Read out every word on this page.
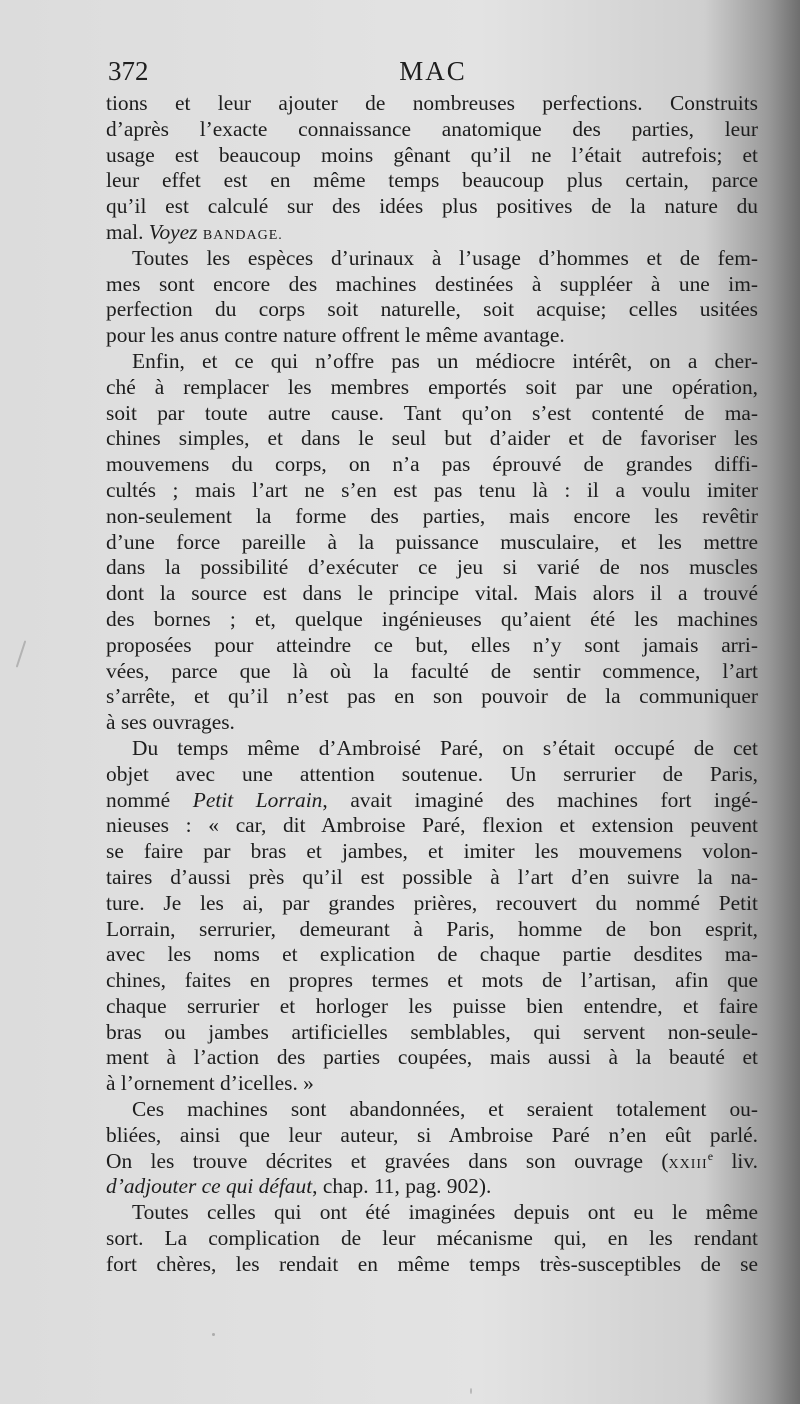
372	MAC
tions et leur ajouter de nombreuses perfections. Construits
d’après l’exacte connaissance anatomique des parties, leur
usage est beaucoup moins gênant qu’il ne l’était autrefois; et
leur effet est en même temps beaucoup plus certain, parce
qu’il est calculé sur des idées plus positives de la nature du
mal. Voyez BANDAGE.
Toutes les espèces d’urinaux à l’usage d’hommes et de fem-
mes sont encore des machines destinées à suppléer à une im-
perfection du corps soit naturelle, soit acquise; celles usitées
pour les anus contre nature offrent le même avantage.
Enfin, et ce qui n’offre pas un médiocre intérêt, on a cher-
ché à remplacer les membres emportés soit par une opération,
soit par toute autre cause. Tant qu’on s’est contenté de ma-
chines simples, et dans le seul but d’aider et de favoriser les
mouvemens du corps, on n’a pas éprouvé de grandes diffi-
cultés ; mais l’art ne s’en est pas tenu là : il a voulu imiter
non-seulement la forme des parties, mais encore les revêtir
d’une force pareille à la puissance musculaire, et les mettre
dans la possibilité d’exécuter ce jeu si varié de nos muscles
dont la source est dans le principe vital. Mais alors il a trouvé
des bornes ; et, quelque ingénieuses qu’aient été les machines
proposées pour atteindre ce but, elles n’y sont jamais arri-
vées, parce que là où la faculté de sentir commence, l’art
s’arrête, et qu’il n’est pas en son pouvoir de la communiquer
à ses ouvrages.
Du temps même d’Ambroisé Paré, on s’était occupé de cet
objet avec une attention soutenue. Un serrurier de Paris,
nommé Petit Lorrain, avait imaginé des machines fort ingé-
nieuses : « car, dit Ambroise Paré, flexion et extension peuvent
se faire par bras et jambes, et imiter les mouvemens volon-
taires d’aussi près qu’il est possible à l’art d’en suivre la na-
ture. Je les ai, par grandes prières, recouvert du nommé Petit
Lorrain, serrurier, demeurant à Paris, homme de bon esprit,
avec les noms et explication de chaque partie desdites ma-
chines, faites en propres termes et mots de l’artisan, afin que
chaque serrurier et horloger les puisse bien entendre, et faire
bras ou jambes artificielles semblables, qui servent non-seule-
ment à l’action des parties coupées, mais aussi à la beauté et
à l’ornement d’icelles. »
Ces machines sont abandonnées, et seraient totalement ou-
bliées, ainsi que leur auteur, si Ambroise Paré n’en eût parlé.
On les trouve décrites et gravées dans son ouvrage (XXIIIe liv.
d’adjouter ce qui défaut, chap. 11, pag. 902).
Toutes celles qui ont été imaginées depuis ont eu le même
sort. La complication de leur mécanisme qui, en les rendant
fort chères, les rendait en même temps très-susceptibles de se
